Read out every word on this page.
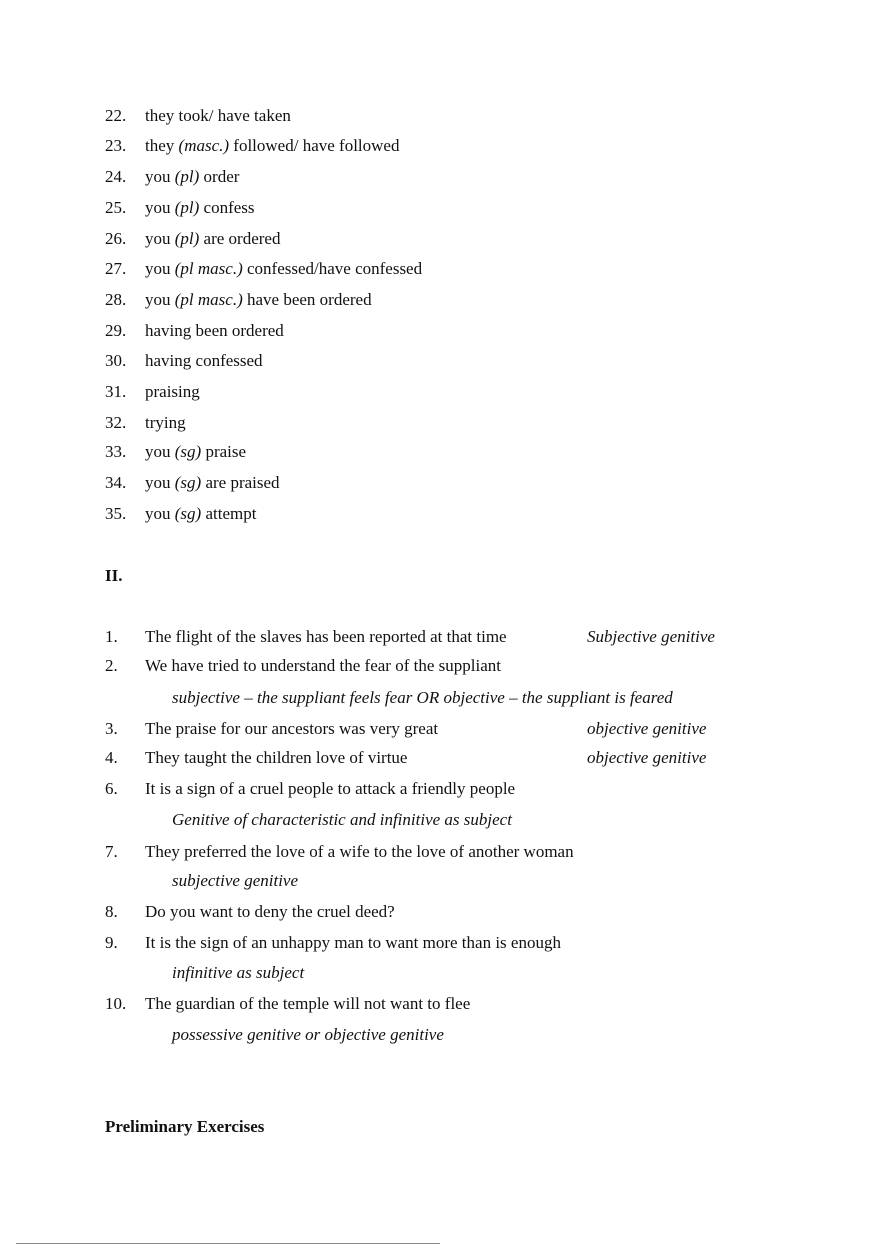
22. they took/ have taken
23. they (masc.) followed/ have followed
24. you (pl) order
25. you (pl) confess
26. you (pl) are ordered
27. you (pl masc.) confessed/have confessed
28. you (pl masc.) have been ordered
29. having been ordered
30. having confessed
31. praising
32. trying
33. you (sg) praise
34. you (sg) are praised
35. you (sg) attempt
II.
1. The flight of the slaves has been reported at that time	Subjective genitive
2. We have tried to understand the fear of the suppliant
subjective – the suppliant feels fear OR objective – the suppliant is feared
3. The praise for our ancestors was very great	objective genitive
4. They taught the children love of virtue	objective genitive
6. It is a sign of a cruel people to attack a friendly people
Genitive of characteristic and infinitive as subject
7. They preferred the love of a wife to the love of another woman
subjective genitive
8. Do you want to deny the cruel deed?
9. It is the sign of an unhappy man to want more than is enough
infinitive as subject
10. The guardian of the temple will not want to flee
possessive genitive or objective genitive
Preliminary Exercises
